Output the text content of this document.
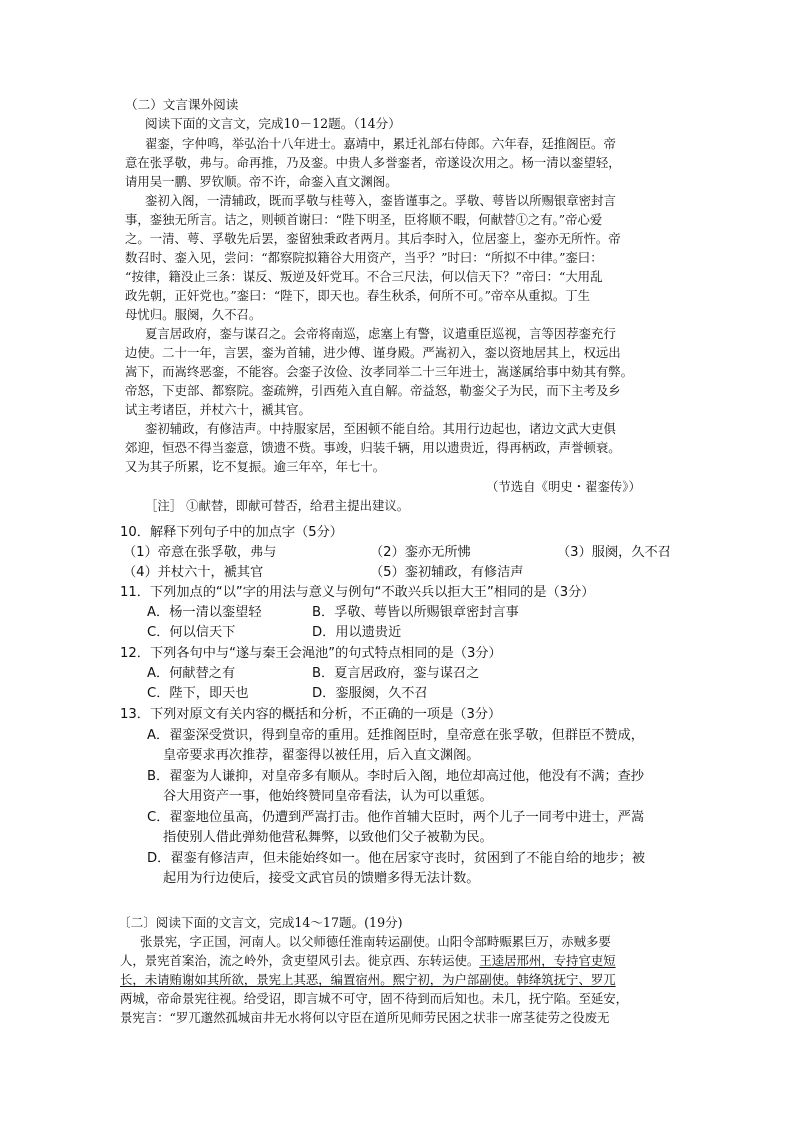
（二）文言课外阅读
阅读下面的文言文，完成10－12题。（14分）
翟銮，字仲鸣，举弘治十八年进士。嘉靖中，累迁礼部右侍郎。六年春，廷推阁臣。帝
意在张孚敬，弗与。命再推，乃及銮。中贵人多誉銮者，帝遂设次用之。杨一清以銮望轻，
请用吴一鹏、罗钦顺。帝不许，命銮入直文渊阁。
銮初入阁，一清辅政，既而孚敬与桂萼入，銮皆谨事之。孚敬、萼皆以所赐银章密封言
事，銮独无所言。诘之，则顿首谢曰：“陛下明圣，臣将顺不暇，何献替①之有。”帝心爱
之。一清、萼、孚敬先后罢，銮留独秉政者两月。其后李时入，位居銮上，銮亦无所忤。帝
数召时、銮入见，尝问：“都察院拟籍谷大用资产，当乎？”时曰：“所拟不中律。”銮曰：
“按律，籍没止三条：谋反、叛逆及奸党耳。不合三尺法，何以信天下？”帝曰：“大用乱
政先朝，正奸党也。”銮曰：“陛下，即天也。春生秋杀，何所不可。”帝卒从重拟。丁生
母忧归。服阕，久不召。
夏言居政府，銮与谋召之。会帝将南巡，虑塞上有警，议遣重臣巡视，言等因荐銮充行
边使。二十一年，言罢，銮为首辅，进少傅、谨身殿。严嵩初入，銮以资地居其上，权远出
嵩下，而嵩终恶銮，不能容。会銮子汝俭、汝孝同举二十三年进士，嵩遂属给事中劾其有弊。
帝怒，下吏部、都察院。銮疏辨，引西苑入直自解。帝益怒，勒銮父子为民，而下主考及乡
试主考诸臣，并杖六十，褫其官。
銮初辅政，有修洁声。中持服家居，至困顿不能自给。其用行边起也，诸边文武大吏俱
郊迎，恒恐不得当銮意，馈遗不赀。事竣，归装千辆，用以遗贵近，得再柄政，声誉顿衰。
又为其子所累，讫不复振。逾三年卒，年七十。
（节选自《明史・翟銮传》）
［注］ ①献替，即献可替否，给君主提出建议。
10．解释下列句子中的加点字（5分）
（1）帝意在张孚敬，弗与	（2）銮亦无所怫	（3）服阕，久不召
（4）并杖六十，褫其官	（5）銮初辅政，有修洁声
11．下列加点的“以”字的用法与意义与例句“不敢兴兵以拒大王”相同的是（3分）
A．杨一清以銮望轻	B．孚敬、萼皆以所赐银章密封言事
C．何以信天下	D．用以遗贵近
12．下列各句中与“遂与秦王会渑池”的句式特点相同的是（3分）
A．何献替之有	B．夏言居政府，銮与谋召之
C．陛下，即天也	D．銮服阕，久不召
13．下列对原文有关内容的概括和分析，不正确的一项是（3分）
A．翟銮深受赏识，得到皇帝的重用。廷推阁臣时，皇帝意在张孚敬，但群臣不赞成，
皇帝要求再次推荐，翟銮得以被任用，后入直文渊阁。
B．翟銮为人谦抑，对皇帝多有顺从。李时后入阁，地位却高过他，他没有不满；查抄
谷大用资产一事，他始终赞同皇帝看法，认为可以重惩。
C．翟銮地位虽高，仍遭到严嵩打击。他作首辅大臣时，两个儿子一同考中进士，严嵩
指使别人借此弹劾他营私舞弊，以致他们父子被勒为民。
D．翟銮有修洁声，但未能始终如一。他在居家守丧时，贫困到了不能自给的地步；被
起用为行边使后，接受文武官员的馈赠多得无法计数。
〔二〕阅读下面的文言文，完成14～17题。(19分)
张景宪，字正国，河南人。以父师德任淮南转运副使。山阳令部畤赈累巨万，赤贼多要
人，景宪首案治，流之岭外，贪吏望风引去。徙京西、东转运使。王逵居邢州，专持官吏短
长，未请贿谢如其所欲，景宪上其恶，编置宿州。熙宁初，为户部副使。韩绛筑抚宁、罗兀
两城，帝命景宪往视。给受诏，即言城不可守，固不待到而后知也。未几，抚宁陷。至延安，
景宪言：“罗兀邈然孤城亩井无水将何以守臣在道所见师劳民困之状非一席茎徒劳之役废无
